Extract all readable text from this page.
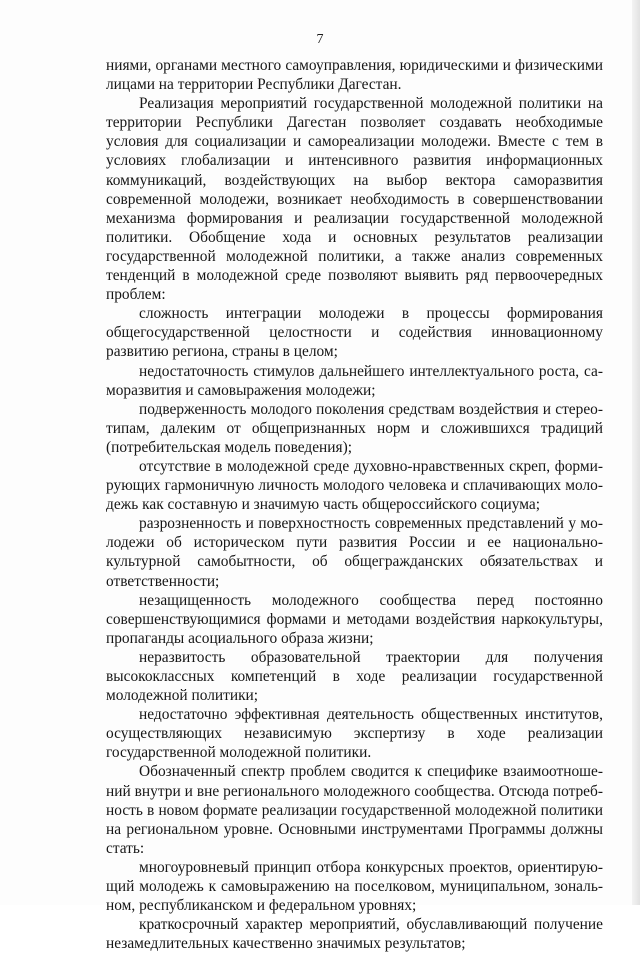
7

ниями, органами местного самоуправления, юридическими и физическими лицами на территории Республики Дагестан.

Реализация мероприятий государственной молодежной политики на территории Республики Дагестан позволяет создавать необходимые условия для социализации и самореализации молодежи. Вместе с тем в условиях глобализации и интенсивного развития информационных коммуникаций, воздействующих на выбор вектора саморазвития современной молодежи, возникает необходимость в совершенствовании механизма формирования и реализации государственной молодежной политики. Обобщение хода и основных результатов реализации государственной молодежной политики, а также анализ современных тенденций в молодежной среде позволяют выявить ряд первоочередных проблем:

сложность интеграции молодежи в процессы формирования общегосударственной целостности и содействия инновационному развитию региона, страны в целом;

недостаточность стимулов дальнейшего интеллектуального роста, саморазвития и самовыражения молодежи;

подверженность молодого поколения средствам воздействия и стереотипам, далеким от общепризнанных норм и сложившихся традиций (потребительская модель поведения);

отсутствие в молодежной среде духовно-нравственных скреп, формирующих гармоничную личность молодого человека и сплачивающих молодежь как составную и значимую часть общероссийского социума;

разрозненность и поверхностность современных представлений у молодежи об историческом пути развития России и ее национально-культурной самобытности, об общегражданских обязательствах и ответственности;

незащищенность молодежного сообщества перед постоянно совершенствующимися формами и методами воздействия наркокультуры, пропаганды асоциального образа жизни;

неразвитость образовательной траектории для получения высококлассных компетенций в ходе реализации государственной молодежной политики;

недостаточно эффективная деятельность общественных институтов, осуществляющих независимую экспертизу в ходе реализации государственной молодежной политики.

Обозначенный спектр проблем сводится к специфике взаимоотношений внутри и вне регионального молодежного сообщества. Отсюда потребность в новом формате реализации государственной молодежной политики на региональном уровне. Основными инструментами Программы должны стать:

многоуровневый принцип отбора конкурсных проектов, ориентирующий молодежь к самовыражению на поселковом, муниципальном, зональном, республиканском и федеральном уровнях;

краткосрочный характер мероприятий, обуславливающий получение незамедлительных качественно значимых результатов;
